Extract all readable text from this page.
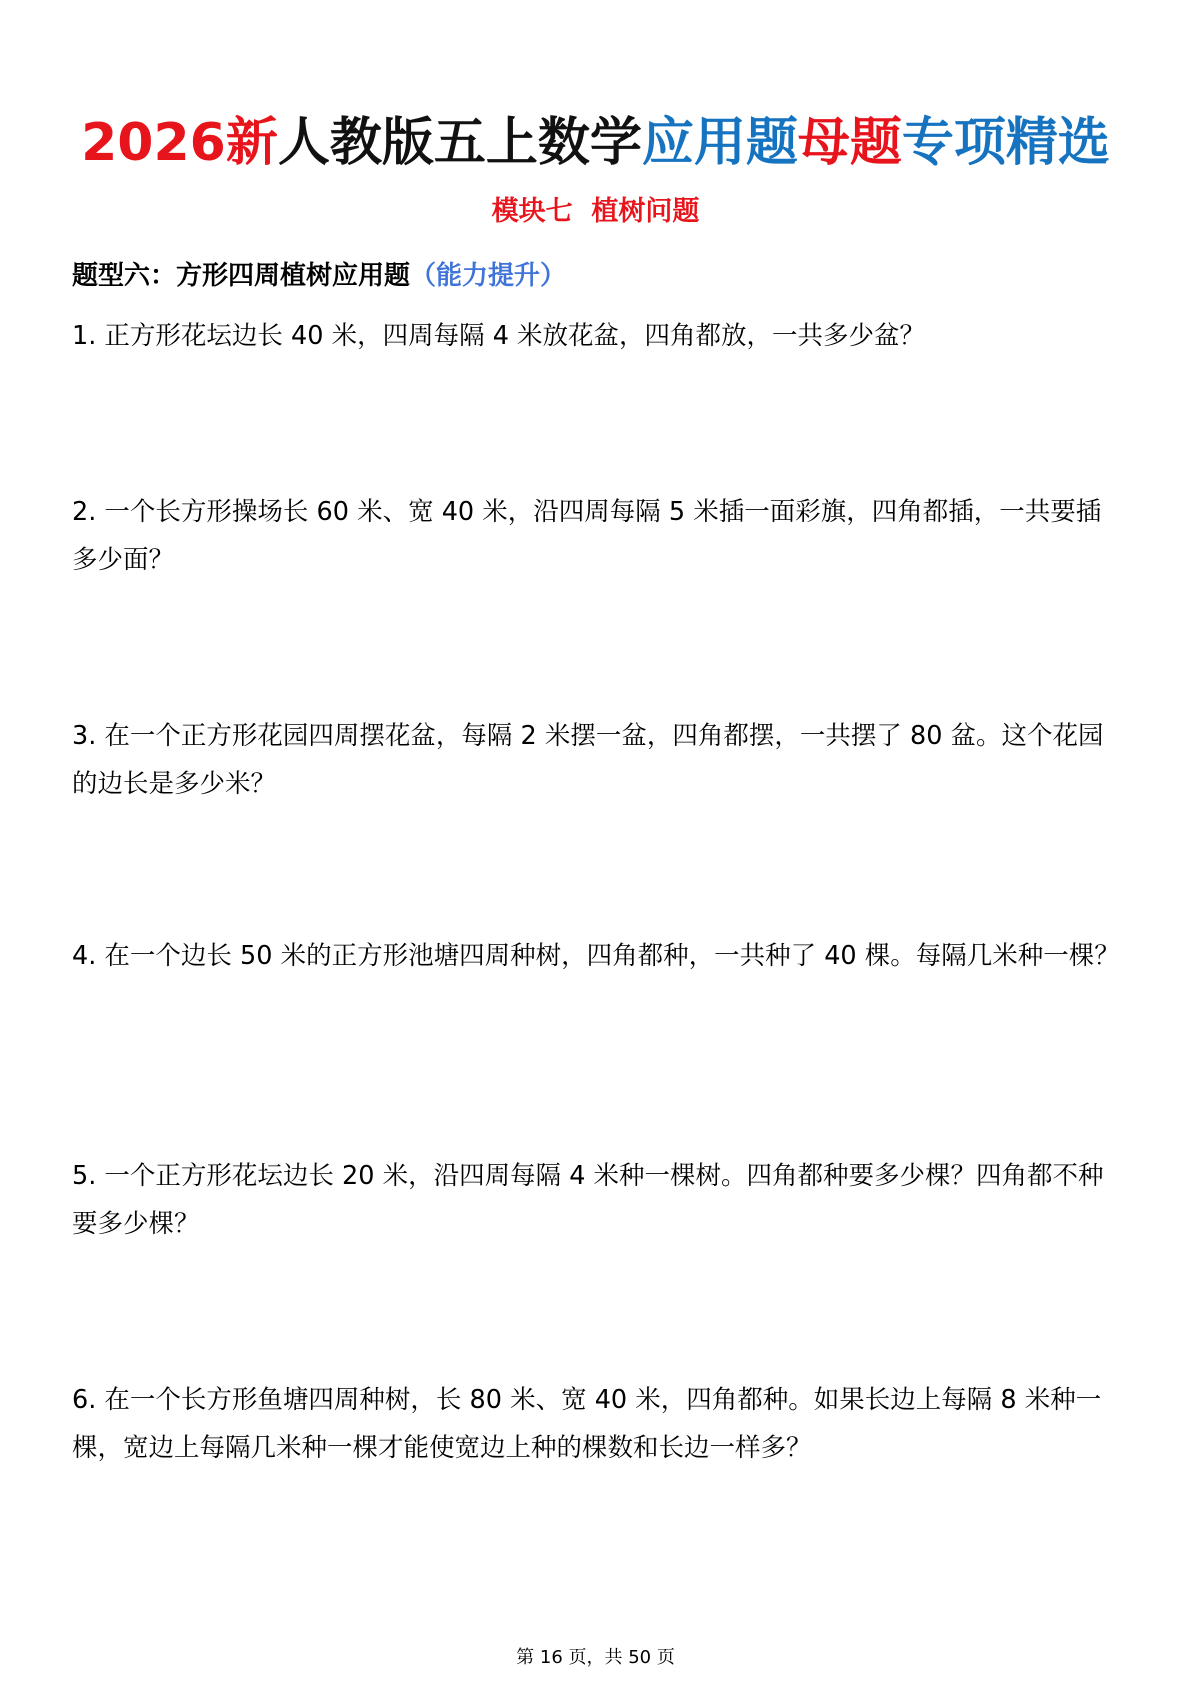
2026新人教版五上数学应用题母题专项精选
模块七  植树问题
题型六：方形四周植树应用题（能力提升）
1. 正方形花坛边长 40 米，四周每隔 4 米放花盆，四角都放，一共多少盆？
2. 一个长方形操场长 60 米、宽 40 米，沿四周每隔 5 米插一面彩旗，四角都插，一共要插多少面？
3. 在一个正方形花园四周摆花盆，每隔 2 米摆一盆，四角都摆，一共摆了 80 盆。这个花园的边长是多少米？
4. 在一个边长 50 米的正方形池塘四周种树，四角都种，一共种了 40 棵。每隔几米种一棵？
5. 一个正方形花坛边长 20 米，沿四周每隔 4 米种一棵树。四角都种要多少棵？四角都不种要多少棵？
6. 在一个长方形鱼塘四周种树，长 80 米、宽 40 米，四角都种。如果长边上每隔 8 米种一棵，宽边上每隔几米种一棵才能使宽边上种的棵数和长边一样多？
第 16 页，共 50 页
